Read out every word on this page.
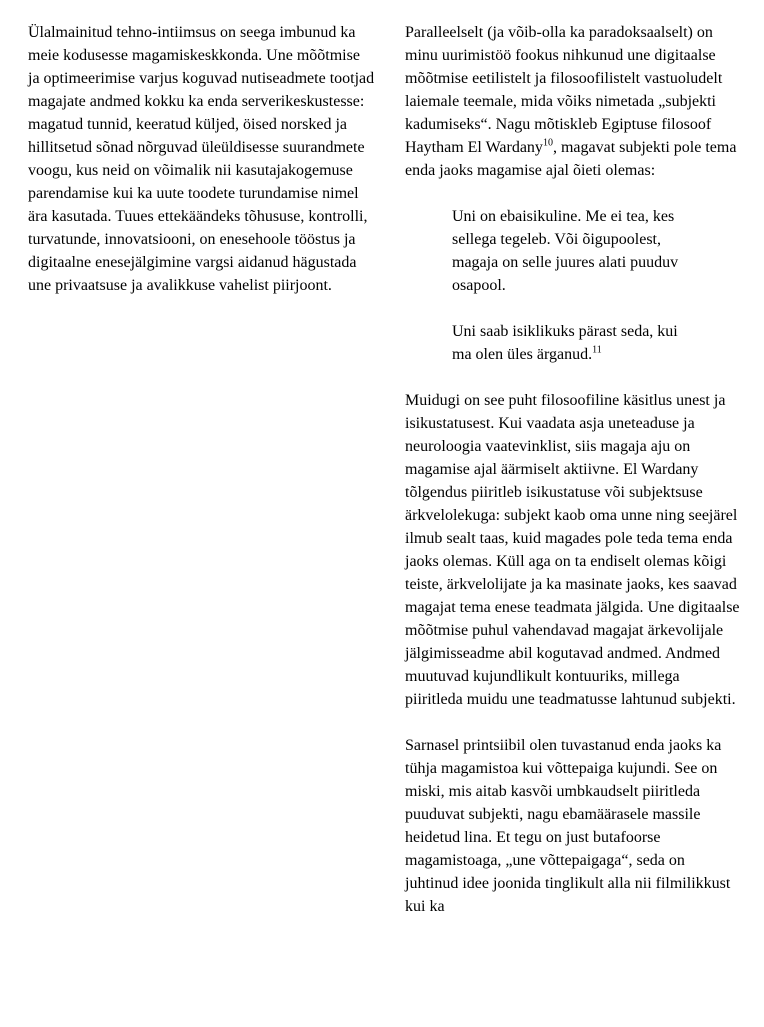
Ülalmainitud tehno-intiimsus on seega imbunud ka meie kodusesse magamiskeskkonda. Une mõõtmise ja optimeerimise varjus koguvad nutiseadmete tootjad magajate andmed kokku ka enda serverikeskustesse: magatud tunnid, keeratud küljed, öised norsked ja hillitsetud sõnad nõrguvad üleüldisesse suurandmete voogu, kus neid on võimalik nii kasutajakogemuse parendamise kui ka uute toodete turundamise nimel ära kasutada. Tuues ettekäändeks tõhususe, kontrolli, turvatunde, innovatsiooni, on enesehoole tööstus ja digitaalne enesejälgimine vargsi aidanud hägustada une privaatsuse ja avalikkuse vahelist piirjoont.

Paralleelselt (ja võib-olla ka paradoksaalselt) on minu uurimistöö fookus nihkunud une digitaalse mõõtmise eetilistelt ja filosoofilistelt vastuoludelt laiemale teemale, mida võiks nimetada „subjekti kadumiseks“. Nagu mõtiskleb Egiptuse filosoof Haytham El Wardany$^{10}$, magavat subjekti pole tema enda jaoks magamise ajal õieti olemas:

Uni on ebaisikuline. Me ei tea, kes sellega tegeleb. Või õigupoolest, magaja on selle juures alati puuduv osapool.

Uni saab isiklikuks pärast seda, kui ma olen üles ärganud.$^{11}$

Muidugi on see puht filosoofiline käsitlus unest ja isikustatusest. Kui vaadata asja uneteaduse ja neuroloogia vaatevinklist, siis magaja aju on magamise ajal äärmiselt aktiivne. El Wardany tõlgendus piiritleb isikustatuse või subjektsuse ärkvelolekuga: subjekt kaob oma unne ning seejärel ilmub sealt taas, kuid magades pole teda tema enda jaoks olemas. Küll aga on ta endiselt olemas kõigi teiste, ärkvelolijate ja ka masinate jaoks, kes saavad magajat tema enese teadmata jälgida. Une digitaalse mõõtmise puhul vahendavad magajat ärkevolijale jälgimisseadme abil kogutavad andmed. Andmed muutuvad kujundlikult kontuuriks, millega piiritleda muidu une teadmatusse lahtunud subjekti.

Sarnasel printsiibil olen tuvastanud enda jaoks ka tühja magamistoa kui võttepaiga kujundi. See on miski, mis aitab kasvõi umbkaudselt piiritleda puuduvat subjekti, nagu ebamäärasele massile heidetud lina. Et tegu on just butafoorse magamistoaga, „une võttepaigaga“, seda on juhtinud idee joonida tinglikult alla nii filmilikkust kui ka
